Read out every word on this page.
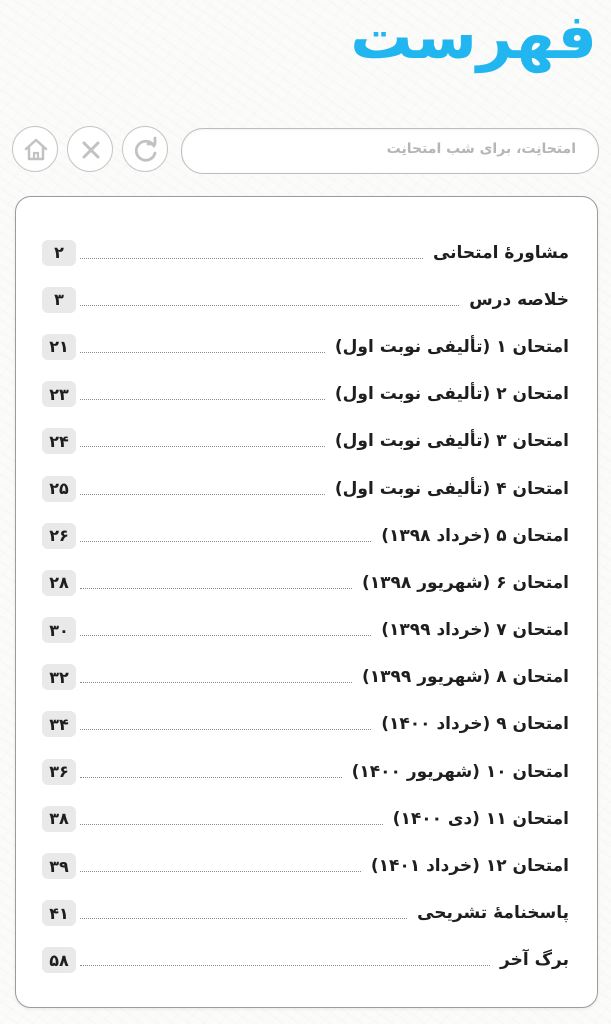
فهرست
امتحانِت، برای شب امتحانِت
مشاورهٔ امتحانی
۲
خلاصه درس
۳
امتحان ۱ (تألیفی نوبت اول)
۲۱
امتحان ۲ (تألیفی نوبت اول)
۲۳
امتحان ۳ (تألیفی نوبت اول)
۲۴
امتحان ۴ (تألیفی نوبت اول)
۲۵
امتحان ۵ (خرداد ۱۳۹۸)
۲۶
امتحان ۶ (شهریور ۱۳۹۸)
۲۸
امتحان ۷ (خرداد ۱۳۹۹)
۳۰
امتحان ۸ (شهریور ۱۳۹۹)
۳۲
امتحان ۹ (خرداد ۱۴۰۰)
۳۴
امتحان ۱۰ (شهریور ۱۴۰۰)
۳۶
امتحان ۱۱ (دی ۱۴۰۰)
۳۸
امتحان ۱۲ (خرداد ۱۴۰۱)
۳۹
پاسخنامهٔ تشریحی
۴۱
برگ آخر
۵۸
